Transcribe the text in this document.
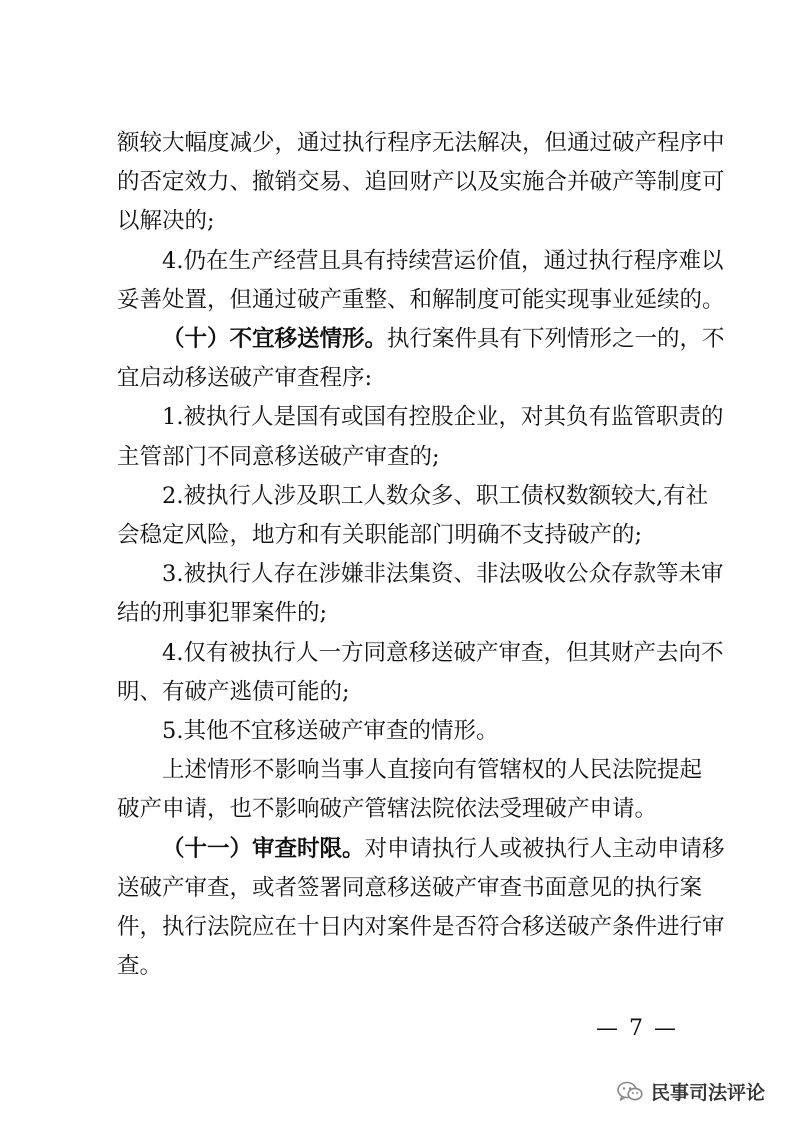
额较大幅度减少，通过执行程序无法解决，但通过破产程序中
的否定效力、撤销交易、追回财产以及实施合并破产等制度可
以解决的;

4.仍在生产经营且具有持续营运价值，通过执行程序难以
妥善处置，但通过破产重整、和解制度可能实现事业延续的。

（十）不宜移送情形。执行案件具有下列情形之一的，不
宜启动移送破产审查程序:

1.被执行人是国有或国有控股企业，对其负有监管职责的
主管部门不同意移送破产审查的;

2.被执行人涉及职工人数众多、职工债权数额较大,有社
会稳定风险，地方和有关职能部门明确不支持破产的;

3.被执行人存在涉嫌非法集资、非法吸收公众存款等未审
结的刑事犯罪案件的;

4.仅有被执行人一方同意移送破产审查，但其财产去向不
明、有破产逃债可能的;

5.其他不宜移送破产审查的情形。

上述情形不影响当事人直接向有管辖权的人民法院提起
破产申请，也不影响破产管辖法院依法受理破产申请。

（十一）审查时限。对申请执行人或被执行人主动申请移
送破产审查，或者签署同意移送破产审查书面意见的执行案
件，执行法院应在十日内对案件是否符合移送破产条件进行审
查。

— 7 —
民事司法评论
